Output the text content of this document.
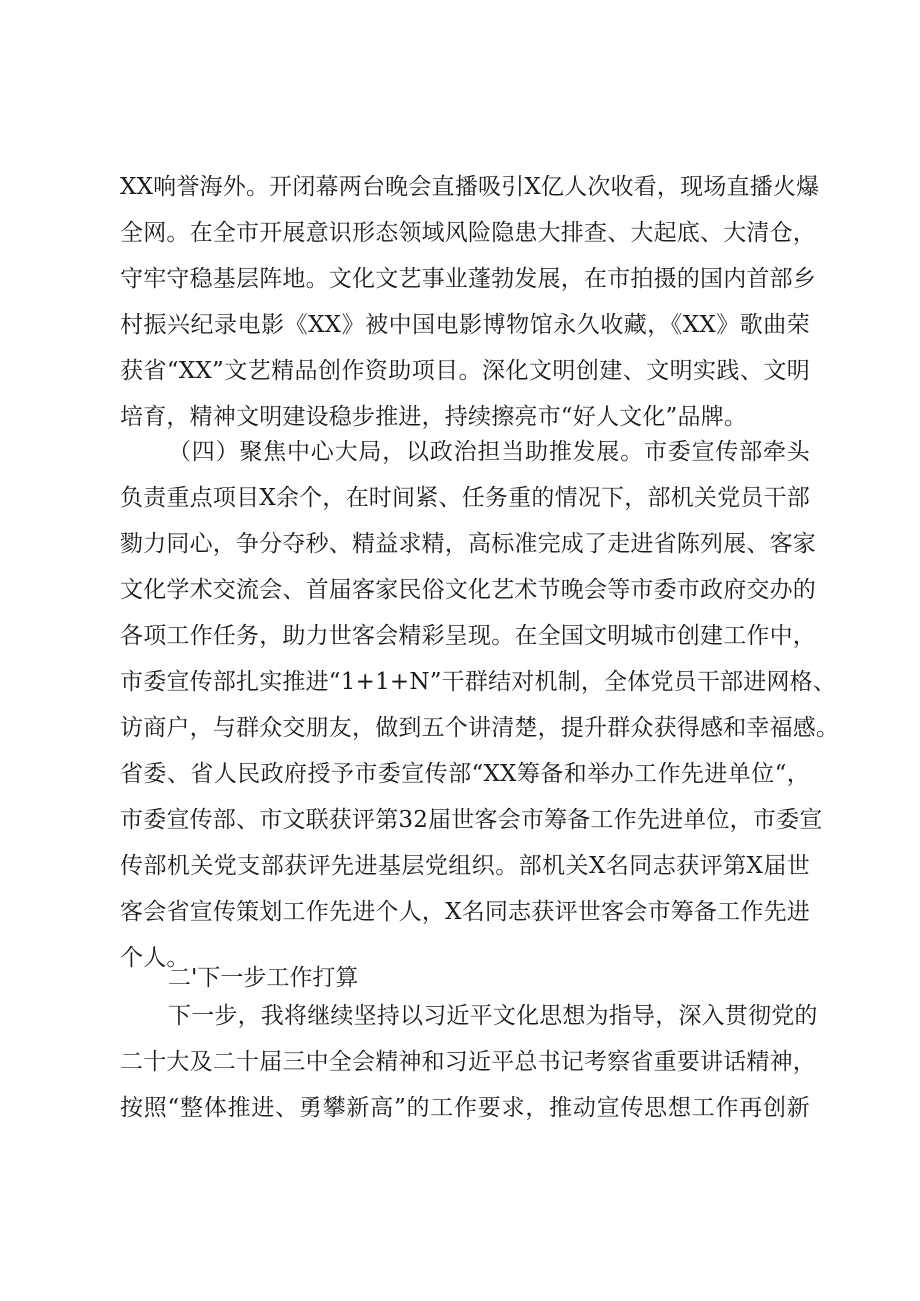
XX响誉海外。开闭幕两台晚会直播吸引X亿人次收看，现场直播火爆
全网。在全市开展意识形态领域风险隐患大排查、大起底、大清仓，
守牢守稳基层阵地。文化文艺事业蓬勃发展，在市拍摄的国内首部乡
村振兴纪录电影《XX》被中国电影博物馆永久收藏，《XX》歌曲荣
获省“XX”文艺精品创作资助项目。深化文明创建、文明实践、文明
培育，精神文明建设稳步推进，持续擦亮市“好人文化”品牌。
（四）聚焦中心大局，以政治担当助推发展。市委宣传部牵头
负责重点项目X余个，在时间紧、任务重的情况下，部机关党员干部
勠力同心，争分夺秒、精益求精，高标准完成了走进省陈列展、客家
文化学术交流会、首届客家民俗文化艺术节晚会等市委市政府交办的
各项工作任务，助力世客会精彩呈现。在全国文明城市创建工作中，
市委宣传部扎实推进“1+1+N”干群结对机制，全体党员干部进网格、
访商户，与群众交朋友，做到五个讲清楚，提升群众获得感和幸福感。
省委、省人民政府授予市委宣传部“XX筹备和举办工作先进单位“，
市委宣传部、市文联获评第32届世客会市筹备工作先进单位，市委宣
传部机关党支部获评先进基层党组织。部机关X名同志获评第X届世
客会省宣传策划工作先进个人，X名同志获评世客会市筹备工作先进
个人。
二'下一步工作打算
下一步，我将继续坚持以习近平文化思想为指导，深入贯彻党的
二十大及二十届三中全会精神和习近平总书记考察省重要讲话精神，
按照“整体推进、勇攀新高”的工作要求，推动宣传思想工作再创新
